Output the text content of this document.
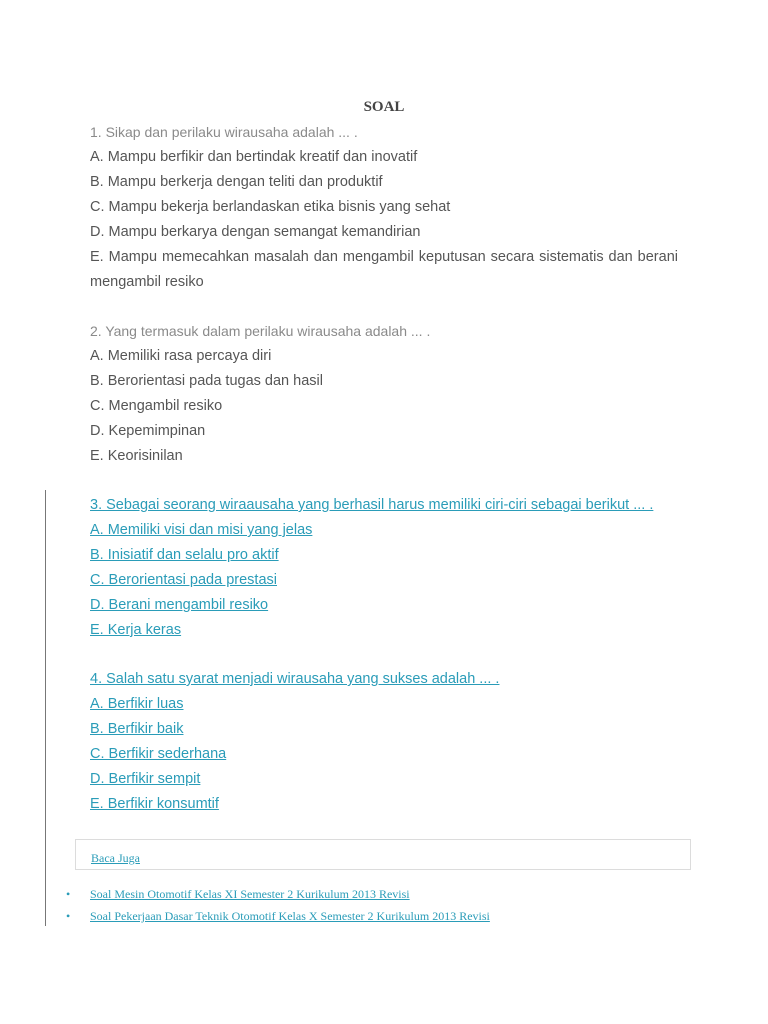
SOAL
1. Sikap dan perilaku wirausaha adalah ... .
A. Mampu berfikir dan bertindak kreatif dan inovatif
B. Mampu berkerja dengan teliti dan produktif
C. Mampu bekerja berlandaskan etika bisnis yang sehat
D. Mampu berkarya dengan semangat kemandirian
E. Mampu memecahkan masalah dan mengambil keputusan secara sistematis dan berani mengambil resiko
2. Yang termasuk dalam perilaku wirausaha adalah ... .
A. Memiliki rasa percaya diri
B. Berorientasi pada tugas dan hasil
C. Mengambil resiko
D. Kepemimpinan
E. Keorisinilan
3. Sebagai seorang wiraausaha yang berhasil harus memiliki ciri-ciri sebagai berikut ... .
A. Memiliki visi dan misi yang jelas
B. Inisiatif dan selalu pro aktif
C. Berorientasi pada prestasi
D. Berani mengambil resiko
E. Kerja keras
4. Salah satu syarat menjadi wirausaha yang sukses adalah ... .
A. Berfikir luas
B. Berfikir baik
C. Berfikir sederhana
D. Berfikir sempit
E. Berfikir konsumtif
Baca Juga
• Soal Mesin Otomotif Kelas XI Semester 2 Kurikulum 2013 Revisi
• Soal Pekerjaan Dasar Teknik Otomotif Kelas X Semester 2 Kurikulum 2013 Revisi
